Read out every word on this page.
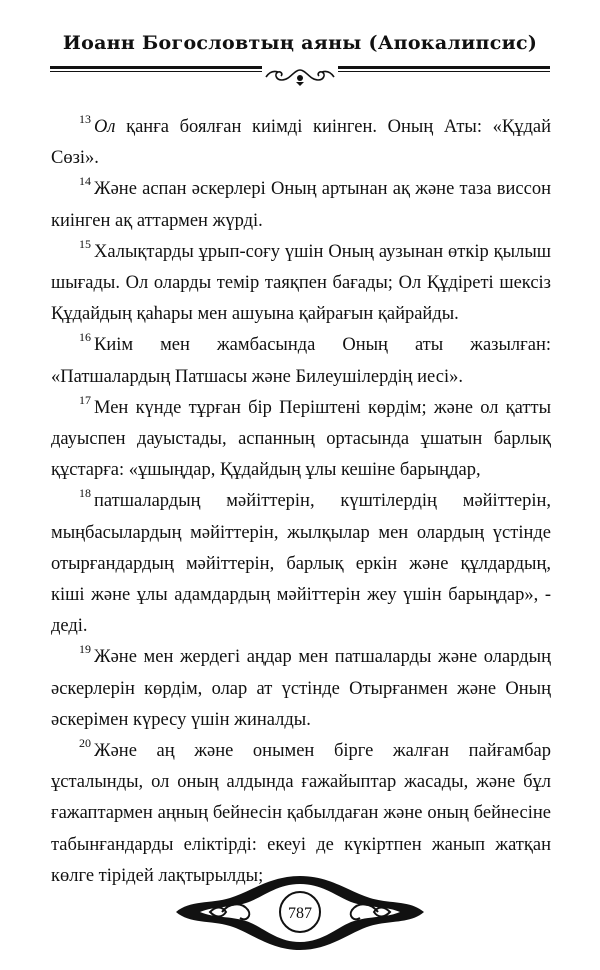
Иоанн Богословтың аяны (Апокалипсис)

$^{13}$ Ол қанға боялған киімді киінген. Оның Аты: «Құдай Сөзі».

$^{14}$ Және аспан әскерлері Оның артынан ақ және таза виссон киінген ақ аттармен жүрді.

$^{15}$ Халықтарды ұрып-соғу үшін Оның аузынан өткір қылыш шығады. Ол оларды темір таяқпен бағады; Ол Құдіреті шексіз Құдайдың қаһары мен ашуына қайрағын қайрайды.

$^{16}$ Киім мен жамбасында Оның аты жазылған: «Патшалардың Патшасы және Билеушілердің иесі».

$^{17}$ Мен күнде тұрған бір Періштені көрдім; және ол қатты дауыспен дауыстады, аспанның ортасында ұшатын барлық құстарға: «ұшыңдар, Құдайдың ұлы кешіне барыңдар,

$^{18}$ патшалардың мәйіттерін, күштілердің мәйіттерін, мыңбасылардың мәйіттерін, жылқылар мен олардың үстінде отырғандардың мәйіттерін, барлық еркін және құлдардың, кіші және ұлы адамдардың мәйіттерін жеу үшін барыңдар», - деді.

$^{19}$ Және мен жердегі аңдар мен патшаларды және олардың әскерлерін көрдім, олар ат үстінде Отырғанмен және Оның әскерімен күресу үшін жиналды.

$^{20}$ Және аң және онымен бірге жалған пайғамбар ұсталынды, ол оның алдында ғажайыптар жасады, және бұл ғажаптармен аңның бейнесін қабылдаған және оның бейнесіне табынғандарды еліктірді: екеуі де күкіртпен жанып жатқан көлге тірідей лақтырылды;

787
